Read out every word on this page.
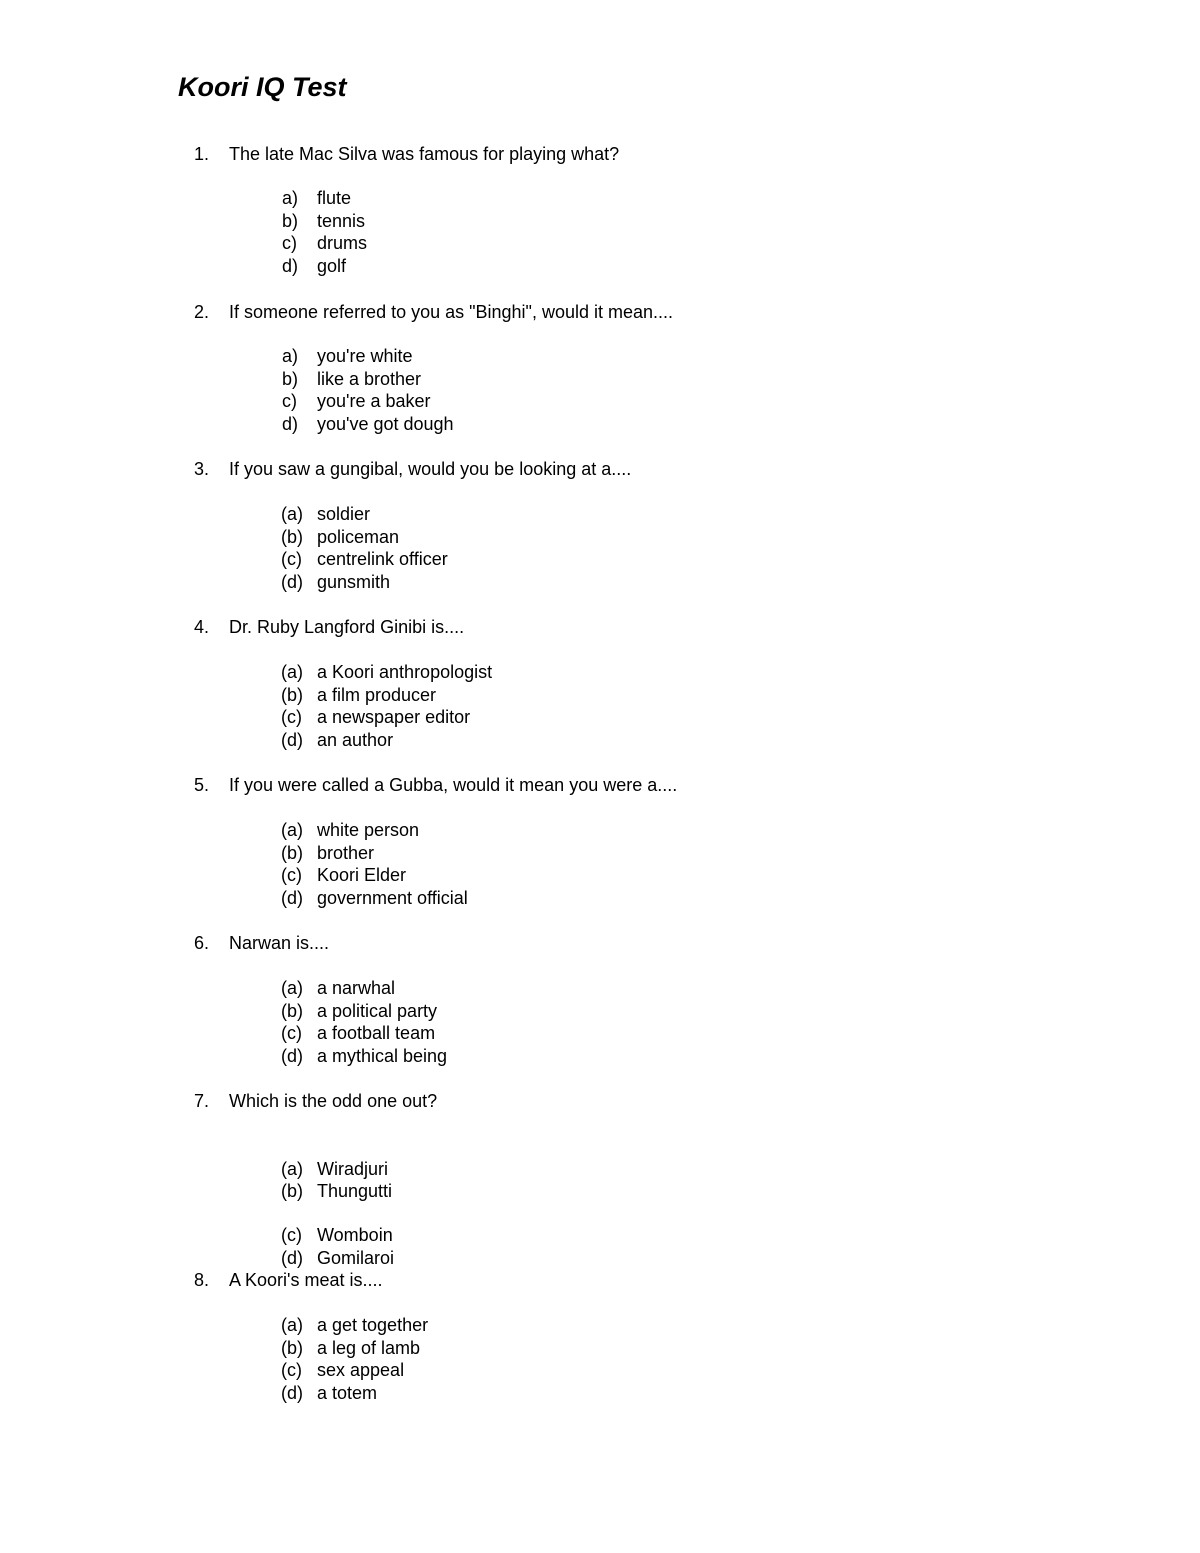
Koori IQ Test
1. The late Mac Silva was famous for playing what?
a) flute
b) tennis
c) drums
d) golf
2. If someone referred to you as "Binghi", would it mean....
a) you're white
b) like a brother
c) you're a baker
d) you've got dough
3. If you saw a gungibal, would you be looking at a....
(a) soldier
(b) policeman
(c) centrelink officer
(d) gunsmith
4. Dr. Ruby Langford Ginibi is....
(a) a Koori anthropologist
(b) a film producer
(c) a newspaper editor
(d) an author
5. If you were called a Gubba, would it mean you were a....
(a) white person
(b) brother
(c) Koori Elder
(d) government official
6. Narwan is....
(a) a narwhal
(b) a political party
(c) a football team
(d) a mythical being
7. Which is the odd one out?
(a) Wiradjuri
(b) Thungutti
(c) Womboin
(d) Gomilaroi
8. A Koori's meat is....
(a) a get together
(b) a leg of lamb
(c) sex appeal
(d) a totem
